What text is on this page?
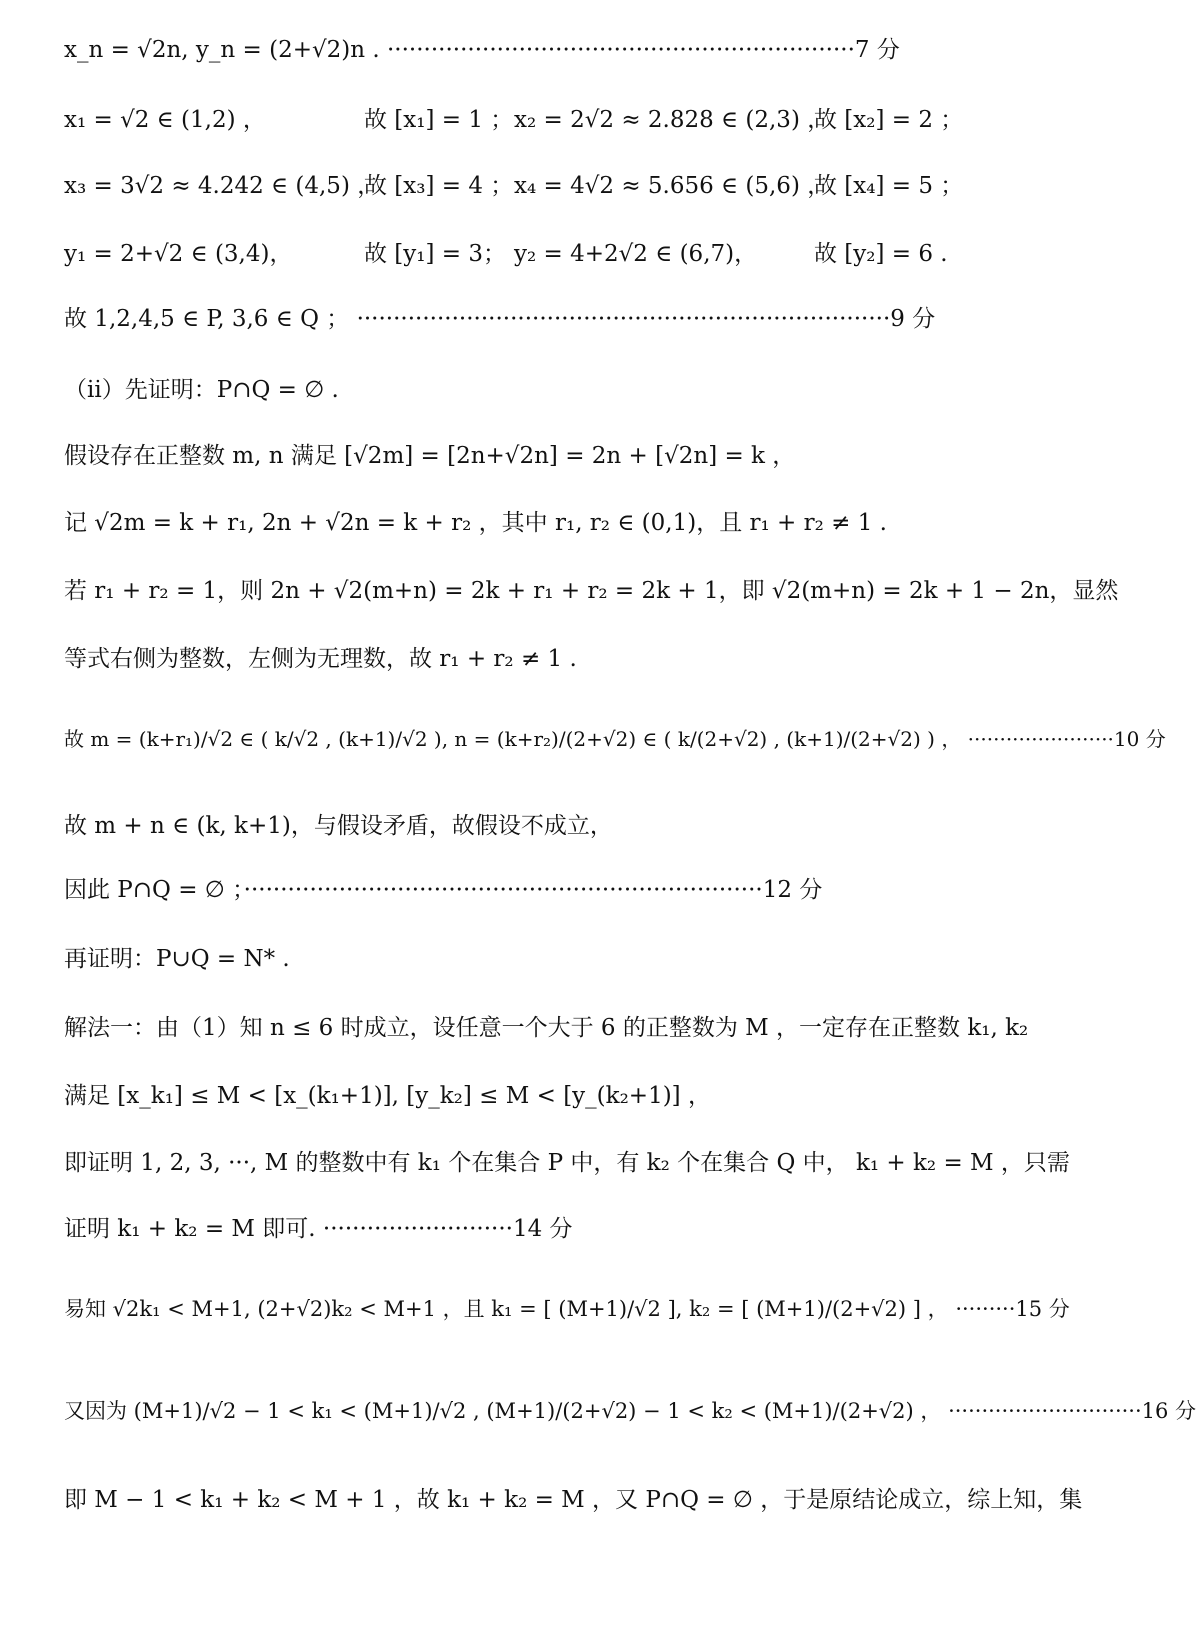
x_n = √2n, y_n = (2+√2)n . ································································7 分
x₁ = √2 ∈ (1,2) ，	故 [x₁] = 1 ； x₂ = 2√2 ≈ 2.828 ∈ (2,3) ，
故 [x₂] = 2 ；
x₃ = 3√2 ≈ 4.242 ∈ (4,5) ，
故 [x₃] = 4 ； x₄ = 4√2 ≈ 5.656 ∈ (5,6) ，
故 [x₄] = 5 ；
y₁ = 2+√2 ∈ (3,4)，	故 [y₁] = 3； y₂ = 4+2√2 ∈ (6,7)，	故 [y₂] = 6 .
故 1,2,4,5 ∈ P, 3,6 ∈ Q ； ·········································································9 分
（ii）先证明：P∩Q = ∅ .
假设存在正整数 m, n 满足 [√2m] = [2n+√2n] = 2n + [√2n] = k ，
记 √2m = k + r₁, 2n + √2n = k + r₂ ，其中 r₁, r₂ ∈ (0,1)，且 r₁ + r₂ ≠ 1 .
若 r₁ + r₂ = 1，则 2n + √2(m+n) = 2k + r₁ + r₂ = 2k + 1，即 √2(m+n) = 2k + 1 − 2n，显然
等式右侧为整数，左侧为无理数，故 r₁ + r₂ ≠ 1 .
故 m = (k+r₁)/√2 ∈ ( k/√2 , (k+1)/√2 ), n = (k+r₂)/(2+√2) ∈ ( k/(2+√2) , (k+1)/(2+√2) ) ， ·······················10 分
故 m + n ∈ (k, k+1)，与假设矛盾，故假设不成立，
因此 P∩Q = ∅ ；·······································································12 分
再证明：P∪Q = N* .
解法一：由（1）知 n ≤ 6 时成立，设任意一个大于 6 的正整数为 M ，一定存在正整数 k₁, k₂
满足 [x_k₁] ≤ M < [x_(k₁+1)], [y_k₂] ≤ M < [y_(k₂+1)] ，
即证明 1, 2, 3, ···, M 的整数中有 k₁ 个在集合 P 中，有 k₂ 个在集合 Q 中， k₁ + k₂ = M ，只需
证明 k₁ + k₂ = M 即可. ··························14 分
易知 √2k₁ < M+1, (2+√2)k₂ < M+1 ，且 k₁ = [ (M+1)/√2 ], k₂ = [ (M+1)/(2+√2) ] ， ·········15 分
又因为 (M+1)/√2 − 1 < k₁ < (M+1)/√2 , (M+1)/(2+√2) − 1 < k₂ < (M+1)/(2+√2) ， ·····························16 分
即 M − 1 < k₁ + k₂ < M + 1 ，故 k₁ + k₂ = M ，又 P∩Q = ∅ ，于是原结论成立，综上知，集
